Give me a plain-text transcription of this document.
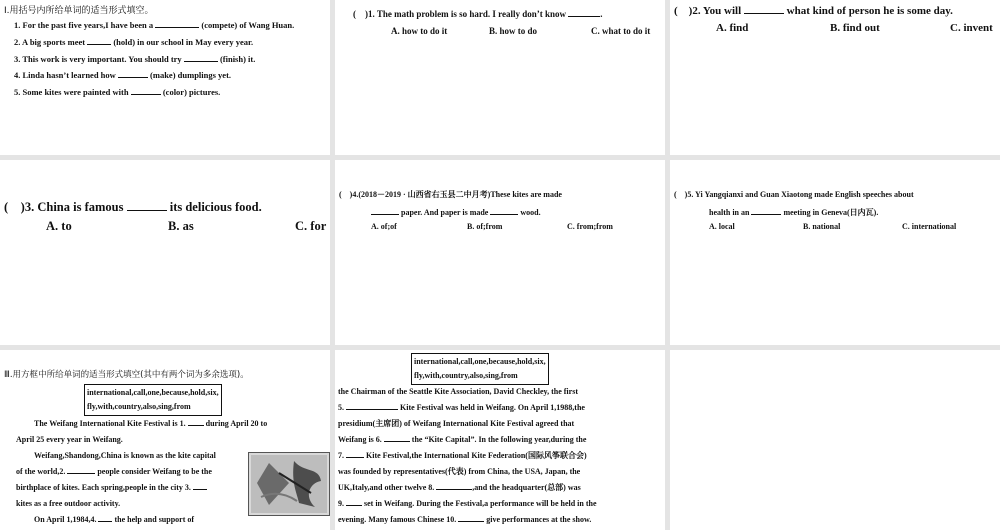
Ⅰ.用括号内所给单词的适当形式填空。
1. For the past five years,I have been a	(compete) of Wang Huan.
2. A big sports meet	(hold) in our school in May every year.
3. This work is very important. You should try	(finish) it.
4. Linda hasn’t learned how	(make) dumplings yet.
5. Some kites were painted with	(color) pictures.
( )1. The math problem is so hard. I really don’t know	.
A. how to do it	B. how to do	C. what to do it
( )2. You will	what kind of person he is some day.
A. find	B. find out	C. invent
( )3. China is famous	its delicious food.
A. to	B. as	C. for
( )4.(2018－2019 · 山西省右玉县二中月考)These kites are made
paper. And paper is made	wood.
A. of;of	B. of;from	C. from;from
( )5. Yi Yangqianxi and Guan Xiaotong made English speeches about
health in an	meeting in Geneva(日内瓦).
A. local	B. national	C. international
Ⅲ.用方框中所给单词的适当形式填空(其中有两个词为多余选项)。
international,call,one,because,hold,six,
fly,with,country,also,sing,from
The Weifang International Kite Festival is 1.	during April 20 to
April 25 every year in Weifang.
Weifang,Shandong,China is known as the kite capital
of the world,2.	people consider Weifang to be the
birthplace of kites. Each spring,people in the city 3.
kites as a free outdoor activity.
On April 1,1984,4. the help and support of
international,call,one,because,hold,six,
fly,with,country,also,sing,from
the Chairman of the Seattle Kite Association, David Checkley, the first
5.	Kite Festival was held in Weifang. On April 1,1988,the
presidium(主席团) of Weifang International Kite Festival agreed that
Weifang is 6.	the “Kite Capital”. In the following year,during the
7.	Kite Festival,the International Kite Federation(国际风筝联合会)
was founded by representatives(代表) from China, the USA, Japan, the
UK,Italy,and other twelve 8.	,and the headquarter(总部) was
9.	set in Weifang. During the Festival,a performance will be held in the
evening. Many famous Chinese 10.	give performances at the show.
